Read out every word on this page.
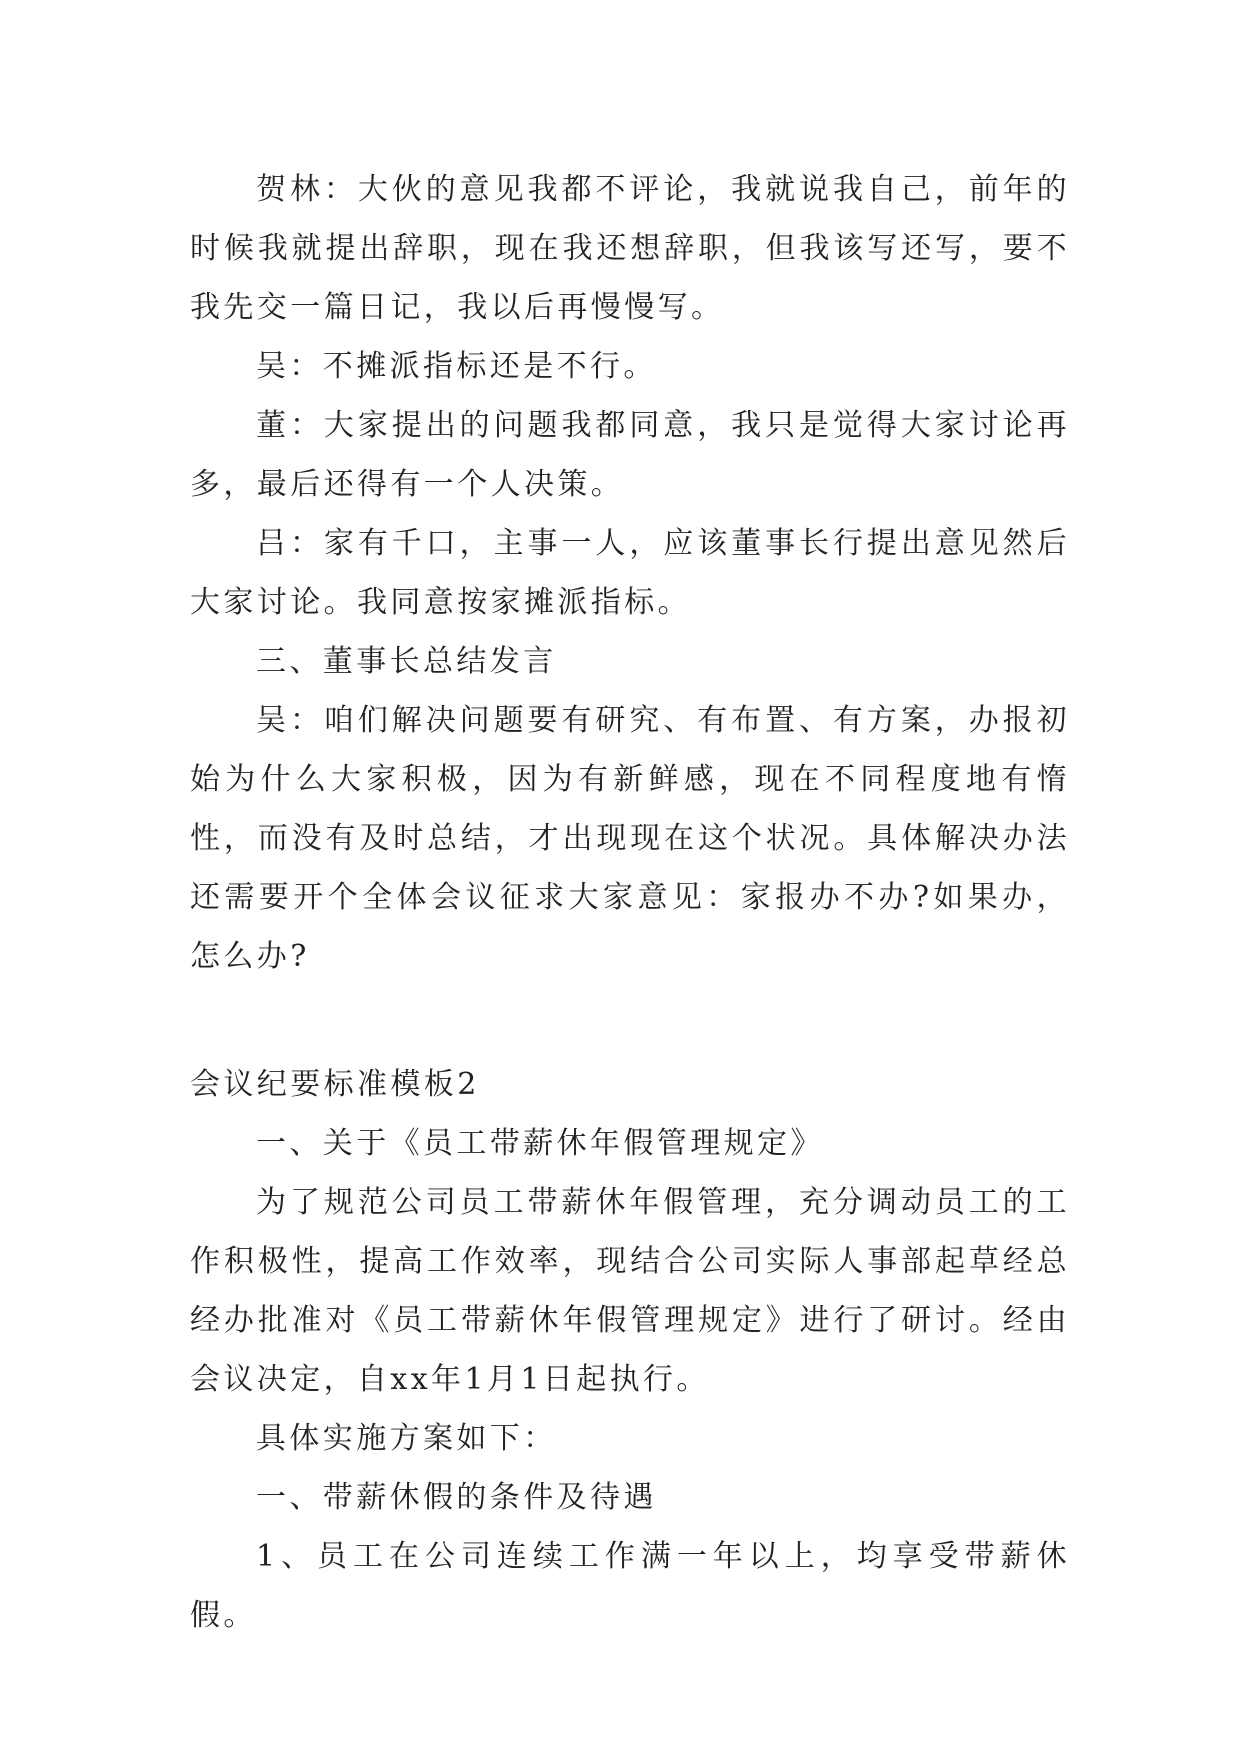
贺林：大伙的意见我都不评论，我就说我自己，前年的时候我就提出辞职，现在我还想辞职，但我该写还写，要不我先交一篇日记，我以后再慢慢写。

吴：不摊派指标还是不行。

董：大家提出的问题我都同意，我只是觉得大家讨论再多，最后还得有一个人决策。

吕：家有千口，主事一人，应该董事长行提出意见然后大家讨论。我同意按家摊派指标。

三、董事长总结发言

吴：咱们解决问题要有研究、有布置、有方案，办报初始为什么大家积极，因为有新鲜感，现在不同程度地有惰性，而没有及时总结，才出现现在这个状况。具体解决办法还需要开个全体会议征求大家意见：家报办不办?如果办，怎么办?

会议纪要标准模板2

一、关于《员工带薪休年假管理规定》

为了规范公司员工带薪休年假管理，充分调动员工的工作积极性，提高工作效率，现结合公司实际人事部起草经总经办批准对《员工带薪休年假管理规定》进行了研讨。经由会议决定，自xx年1月1日起执行。

具体实施方案如下：

一、带薪休假的条件及待遇

1、员工在公司连续工作满一年以上，均享受带薪休假。
